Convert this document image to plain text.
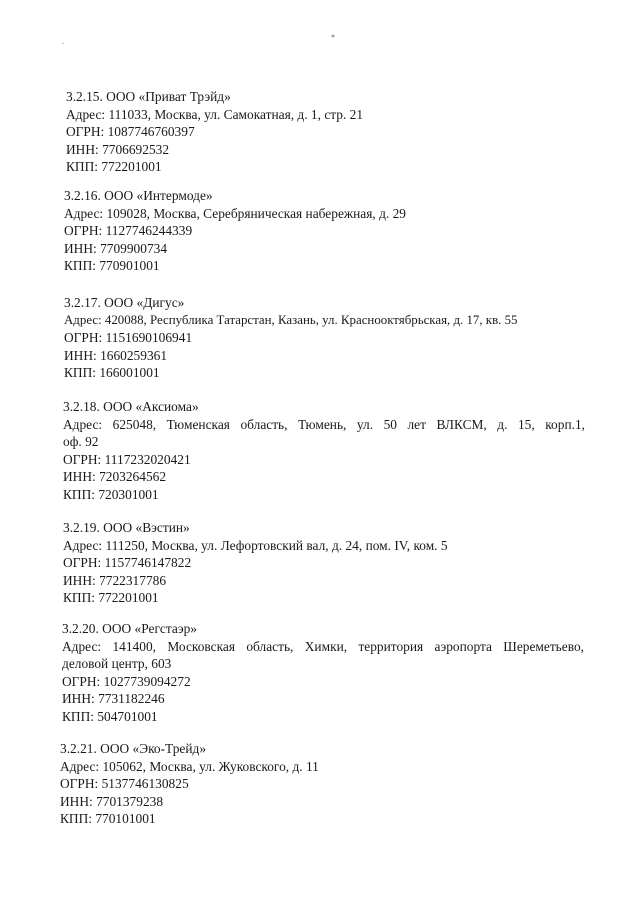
*
.
3.2.15. ООО «Приват Трэйд»
Адрес: 111033, Москва, ул. Самокатная, д. 1, стр. 21
ОГРН: 1087746760397
ИНН: 7706692532
КПП: 772201001
3.2.16. ООО «Интермоде»
Адрес: 109028, Москва, Серебряническая набережная, д. 29
ОГРН: 1127746244339
ИНН: 7709900734
КПП: 770901001
3.2.17. ООО «Дигус»
Адрес: 420088, Республика Татарстан, Казань, ул. Краснооктябрьская, д. 17, кв. 55
ОГРН: 1151690106941
ИНН: 1660259361
КПП: 166001001
3.2.18. ООО «Аксиома»
Адрес: 625048, Тюменская область, Тюмень, ул. 50 лет ВЛКСМ, д. 15, корп.1,
оф. 92
ОГРН: 1117232020421
ИНН: 7203264562
КПП: 720301001
3.2.19. ООО «Вэстин»
Адрес: 111250, Москва, ул. Лефортовский вал, д. 24, пом. IV, ком. 5
ОГРН: 1157746147822
ИНН: 7722317786
КПП: 772201001
3.2.20. ООО «Регстаэр»
Адрес: 141400, Московская область, Химки, территория аэропорта Шереметьево,
деловой центр, 603
ОГРН: 1027739094272
ИНН: 7731182246
КПП: 504701001
3.2.21. ООО «Эко-Трейд»
Адрес: 105062, Москва, ул. Жуковского, д. 11
ОГРН: 5137746130825
ИНН: 7701379238
КПП: 770101001
